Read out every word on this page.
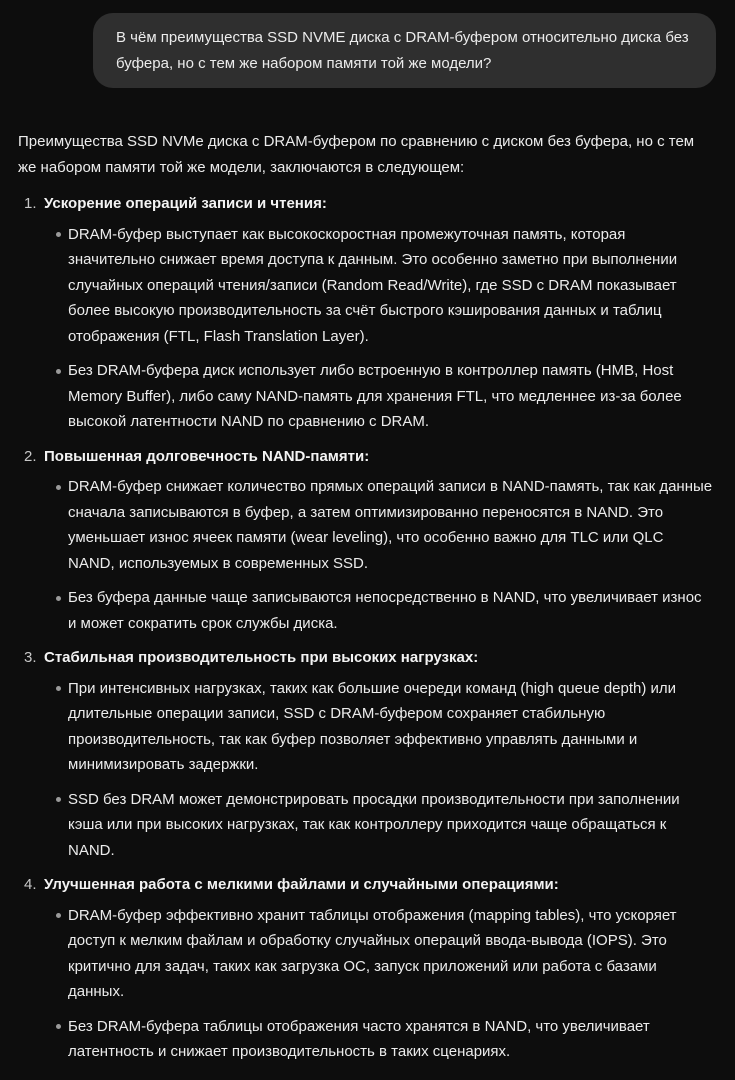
В чём преимущества SSD NVME диска с DRAM-буфером относительно диска без буфера, но с тем же набором памяти той же модели?

Преимущества SSD NVMe диска с DRAM-буфером по сравнению с диском без буфера, но с тем же набором памяти той же модели, заключаются в следующем:

1. Ускорение операций записи и чтения:

DRAM-буфер выступает как высокоскоростная промежуточная память, которая значительно снижает время доступа к данным. Это особенно заметно при выполнении случайных операций чтения/записи (Random Read/Write), где SSD с DRAM показывает более высокую производительность за счёт быстрого кэширования данных и таблиц отображения (FTL, Flash Translation Layer).

Без DRAM-буфера диск использует либо встроенную в контроллер память (HMB, Host Memory Buffer), либо саму NAND-память для хранения FTL, что медленнее из-за более высокой латентности NAND по сравнению с DRAM.

2. Повышенная долговечность NAND-памяти:

DRAM-буфер снижает количество прямых операций записи в NAND-память, так как данные сначала записываются в буфер, а затем оптимизированно переносятся в NAND. Это уменьшает износ ячеек памяти (wear leveling), что особенно важно для TLC или QLC NAND, используемых в современных SSD.

Без буфера данные чаще записываются непосредственно в NAND, что увеличивает износ и может сократить срок службы диска.

3. Стабильная производительность при высоких нагрузках:

При интенсивных нагрузках, таких как большие очереди команд (high queue depth) или длительные операции записи, SSD с DRAM-буфером сохраняет стабильную производительность, так как буфер позволяет эффективно управлять данными и минимизировать задержки.

SSD без DRAM может демонстрировать просадки производительности при заполнении кэша или при высоких нагрузках, так как контроллеру приходится чаще обращаться к NAND.

4. Улучшенная работа с мелкими файлами и случайными операциями:

DRAM-буфер эффективно хранит таблицы отображения (mapping tables), что ускоряет доступ к мелким файлам и обработку случайных операций ввода-вывода (IOPS). Это критично для задач, таких как загрузка ОС, запуск приложений или работа с базами данных.

Без DRAM-буфера таблицы отображения часто хранятся в NAND, что увеличивает латентность и снижает производительность в таких сценариях.
